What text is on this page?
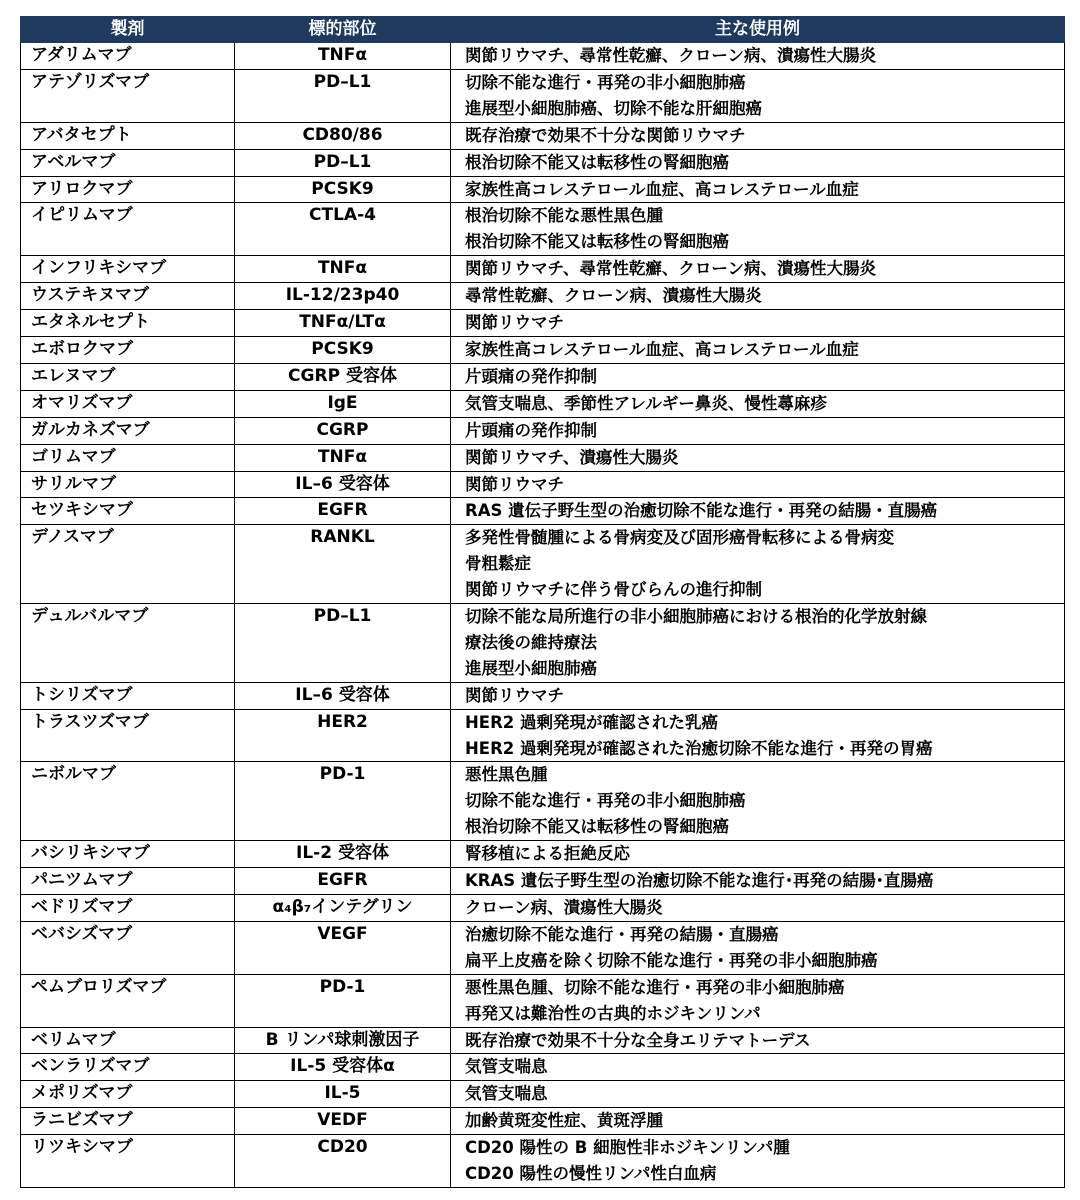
製剤	標的部位	主な使用例
アダリムマブ	TNFα	関節リウマチ、尋常性乾癬、クローン病、潰瘍性大腸炎

アテゾリズマブ	PD–L1	切除不能な進行・再発の非小細胞肺癌
進展型小細胞肺癌、切除不能な肝細胞癌

アバタセプト	CD80/86	既存治療で効果不十分な関節リウマチ

アベルマブ	PD–L1	根治切除不能又は転移性の腎細胞癌

アリロクマブ	PCSK9	家族性高コレステロール血症、高コレステロール血症

イピリムマブ	CTLA-4	根治切除不能な悪性黒色腫
根治切除不能又は転移性の腎細胞癌

インフリキシマブ	TNFα	関節リウマチ、尋常性乾癬、クローン病、潰瘍性大腸炎

ウステキヌマブ	IL-12/23p40	尋常性乾癬、クローン病、潰瘍性大腸炎

エタネルセプト	TNFα/LTα	関節リウマチ

エボロクマブ	PCSK9	家族性高コレステロール血症、高コレステロール血症

エレヌマブ	CGRP 受容体	片頭痛の発作抑制

オマリズマブ	IgE	気管支喘息、季節性アレルギー鼻炎、慢性蕁麻疹

ガルカネズマブ	CGRP	片頭痛の発作抑制

ゴリムマブ	TNFα	関節リウマチ、潰瘍性大腸炎

サリルマブ	IL–6 受容体	関節リウマチ

セツキシマブ	EGFR	RAS 遺伝子野生型の治癒切除不能な進行・再発の結腸・直腸癌

デノスマブ	RANKL	多発性骨髄腫による骨病変及び固形癌骨転移による骨病変
骨粗鬆症
関節リウマチに伴う骨びらんの進行抑制

デュルバルマブ	PD–L1	切除不能な局所進行の非小細胞肺癌における根治的化学放射線
療法後の維持療法
進展型小細胞肺癌

トシリズマブ	IL–6 受容体	関節リウマチ

トラスツズマブ	HER2	HER2 過剰発現が確認された乳癌
HER2 過剰発現が確認された治癒切除不能な進行・再発の胃癌

ニボルマブ	PD-1	悪性黒色腫
切除不能な進行・再発の非小細胞肺癌
根治切除不能又は転移性の腎細胞癌

バシリキシマブ	IL-2 受容体	腎移植による拒絶反応

パニツムマブ	EGFR	KRAS 遺伝子野生型の治癒切除不能な進行･再発の結腸･直腸癌

ベドリズマブ	α₄β₇インテグリン	クローン病、潰瘍性大腸炎

ベバシズマブ	VEGF	治癒切除不能な進行・再発の結腸・直腸癌
扁平上皮癌を除く切除不能な進行・再発の非小細胞肺癌

ペムブロリズマブ	PD-1	悪性黒色腫、切除不能な進行・再発の非小細胞肺癌
再発又は難治性の古典的ホジキンリンパ

ベリムマブ	B リンパ球刺激因子	既存治療で効果不十分な全身エリテマトーデス

ベンラリズマブ	IL-5 受容体α	気管支喘息

メポリズマブ	IL-5	気管支喘息

ラニビズマブ	VEDF	加齢黄斑変性症、黄斑浮腫

リツキシマブ	CD20	CD20 陽性の B 細胞性非ホジキンリンパ腫
CD20 陽性の慢性リンパ性白血病
